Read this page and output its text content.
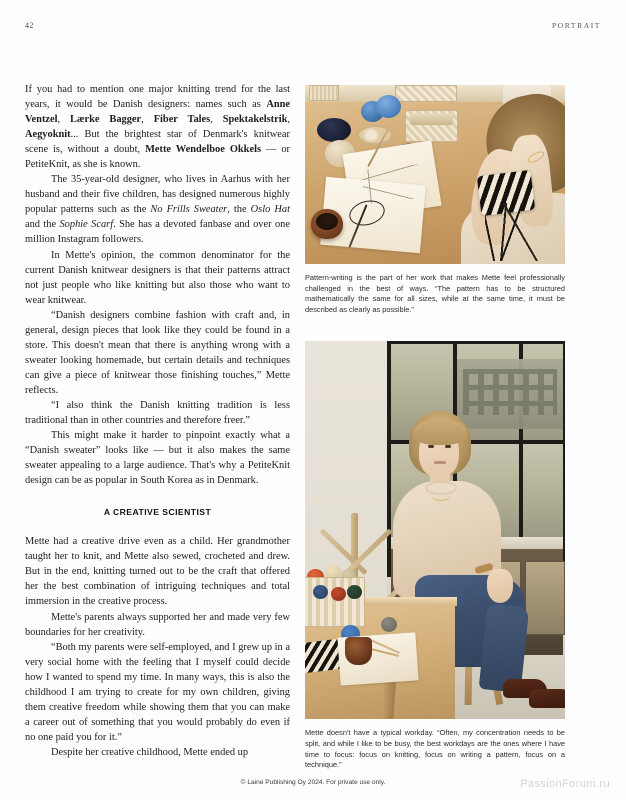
42	PORTRAIT

If you had to mention one major knitting trend for the last years, it would be Danish designers: names such as Anne Ventzel, Lærke Bagger, Fiber Tales, Spektakelstrik, Aegyoknit... But the brightest star of Denmark's knitwear scene is, without a doubt, Mette Wendelboe Okkels — or PetiteKnit, as she is known.

The 35-year-old designer, who lives in Aarhus with her husband and their five children, has designed numerous highly popular patterns such as the No Frills Sweater, the Oslo Hat and the Sophie Scarf. She has a devoted fanbase and over one million Instagram followers.

In Mette's opinion, the common denominator for the current Danish knitwear designers is that their patterns attract not just people who like knitting but also those who want to wear knitwear.

“Danish designers combine fashion with craft and, in general, design pieces that look like they could be found in a store. This doesn't mean that there is anything wrong with a sweater looking homemade, but certain details and techniques can give a piece of knitwear those finishing touches,” Mette reflects.

“I also think the Danish knitting tradition is less traditional than in other countries and therefore freer.”

This might make it harder to pinpoint exactly what a “Danish sweater” looks like — but it also makes the same sweater appealing to a large audience. That's why a PetiteKnit design can be as popular in South Korea as in Denmark.

A CREATIVE SCIENTIST

Mette had a creative drive even as a child. Her grandmother taught her to knit, and Mette also sewed, crocheted and drew. But in the end, knitting turned out to be the craft that offered her the best combination of intriguing techniques and total immersion in the creative process.

Mette's parents always supported her and made very few boundaries for her creativity.

“Both my parents were self-employed, and I grew up in a very social home with the feeling that I myself could decide how I wanted to spend my time. In many ways, this is also the childhood I am trying to create for my own children, giving them creative freedom while showing them that you can make a career out of something that you would probably do even if no one paid you for it.”

Despite her creative childhood, Mette ended up

Pattern-writing is the part of her work that makes Mette feel professionally challenged in the best of ways. “The pattern has to be structured mathematically the same for all sizes, while at the same time, it must be described as clearly as possible.”
Mette doesn't have a typical workday. “Often, my concentration needs to be split, and while I like to be busy, the best workdays are the ones where I have time to focus: focus on knitting, focus on writing a pattern, focus on a technique.”
© Laine Publishing Oy 2024. For private use only.	PassionForum.ru
